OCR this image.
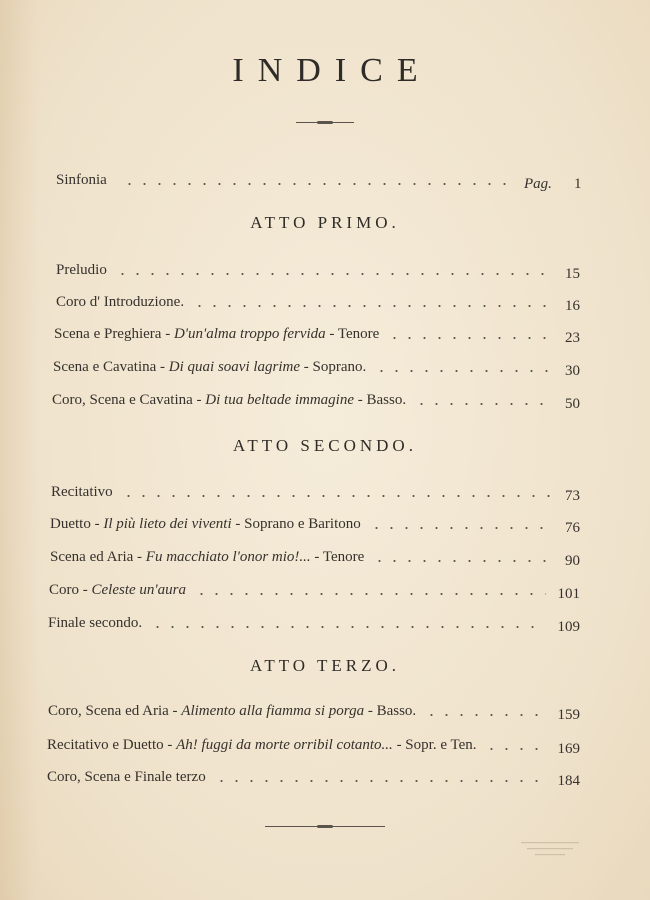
INDICE
Sinfonia	Pag. 1
ATTO PRIMO.
Preludio	15
Coro d' Introduzione.	16
Scena e Preghiera - D'un'alma troppo fervida - Tenore	23
Scena e Cavatina - Di quai soavi lagrime - Soprano.	30
Coro, Scena e Cavatina - Di tua beltade immagine - Basso.	50
ATTO SECONDO.
Recitativo	73
Duetto - Il più lieto dei viventi - Soprano e Baritono	76
Scena ed Aria - Fu macchiato l'onor mio!... - Tenore	90
Coro - Celeste un'aura	101
Finale secondo.	109
ATTO TERZO.
Coro, Scena ed Aria - Alimento alla fiamma si porga - Basso.	159
Recitativo e Duetto - Ah! fuggi da morte orribil cotanto... - Sopr. e Ten.	169
Coro, Scena e Finale terzo	184
